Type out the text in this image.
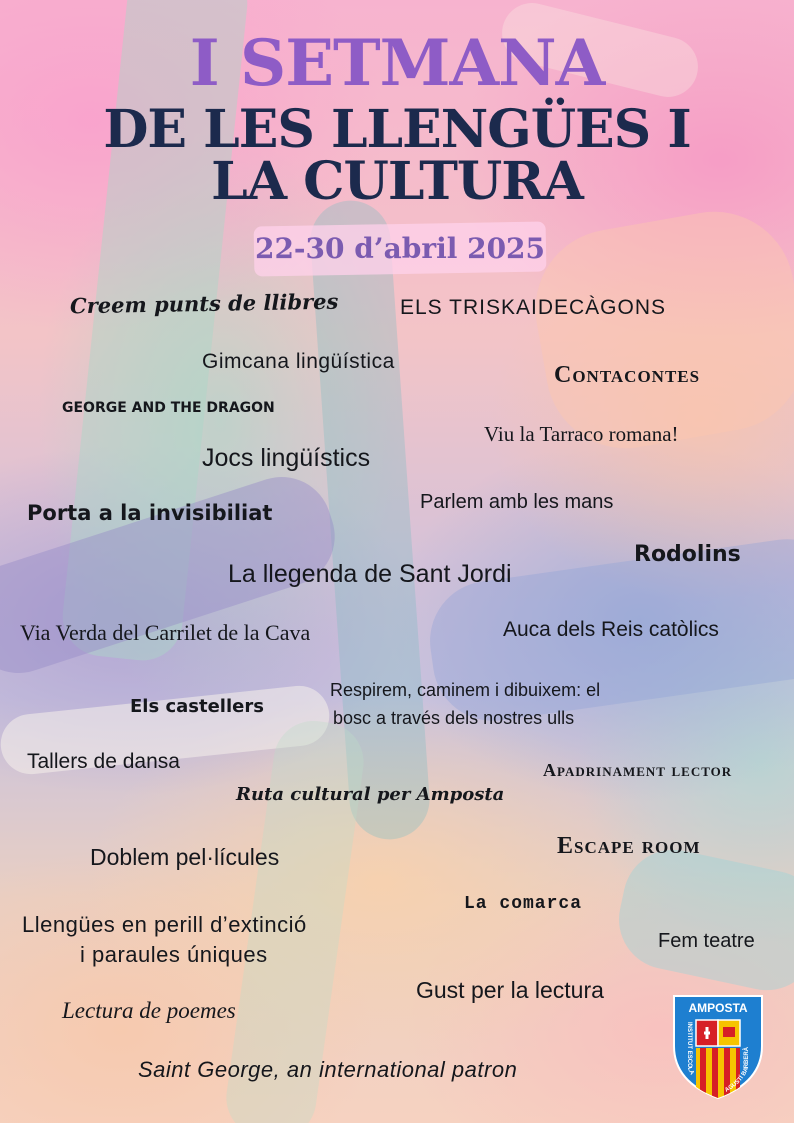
I SETMANA
DE LES LLENGÜES I
LA CULTURA
22-30 d’abril 2025
Creem punts de llibres	ELS TRISKAIDECÀGONS
Gimcana lingüística
Contacontes
GEORGE AND THE DRAGON
Viu la Tarraco romana!
Jocs lingüístics
Parlem amb les mans
Porta a la invisibiliat
Rodolins
La llegenda de Sant Jordi
Via Verda del Carrilet de la Cava	Auca dels Reis catòlics
Els castellers
Respirem, caminem i dibuixem: el
bosc a través dels nostres ulls
Tallers de dansa	Apadrinament lector
Ruta cultural per Amposta
Doblem pel·lícules	Escape room
La comarca
Llengües en perill d’extinció
i paraules úniques
Fem teatre
Gust per la lectura
Lectura de poemes
Saint George, an international patron
AMPOSTA
INSTITUT ESCOLA
AGUSTÍ BARBERÀ
